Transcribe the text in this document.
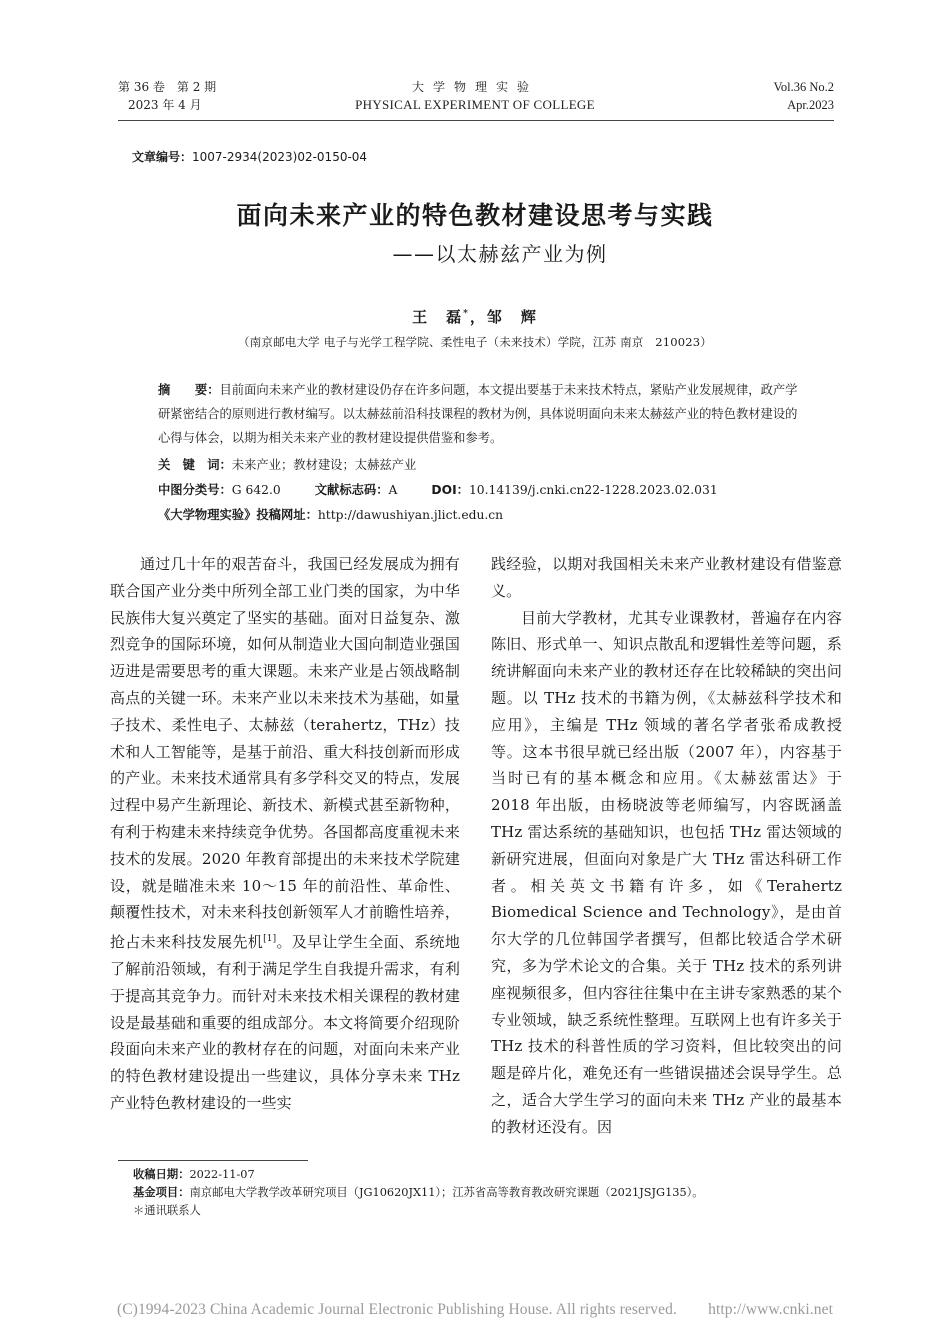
第 36 卷　第 2 期
2023 年 4 月
大学物理实验
PHYSICAL EXPERIMENT OF COLLEGE
Vol.36 No.2
Apr.2023
文章编号：1007-2934(2023)02-0150-04
面向未来产业的特色教材建设思考与实践
——以太赫兹产业为例
王　磊*，邹　辉
（南京邮电大学 电子与光学工程学院、柔性电子（未来技术）学院，江苏 南京　210023）
摘　　要：目前面向未来产业的教材建设仍存在许多问题，本文提出要基于未来技术特点，紧贴产业发展规律，政产学研紧密结合的原则进行教材编写。以太赫兹前沿科技课程的教材为例，具体说明面向未来太赫兹产业的特色教材建设的心得与体会，以期为相关未来产业的教材建设提供借鉴和参考。
关　键　词：未来产业；教材建设；太赫兹产业
中图分类号：G 642.0	文献标志码：A	DOI：10.14139/j.cnki.cn22-1228.2023.02.031
《大学物理实验》投稿网址：http://dawushiyan.jlict.edu.cn

通过几十年的艰苦奋斗，我国已经发展成为拥有联合国产业分类中所列全部工业门类的国家，为中华民族伟大复兴奠定了坚实的基础。面对日益复杂、激烈竞争的国际环境，如何从制造业大国向制造业强国迈进是需要思考的重大课题。未来产业是占领战略制高点的关键一环。未来产业以未来技术为基础，如量子技术、柔性电子、太赫兹（terahertz，THz）技术和人工智能等，是基于前沿、重大科技创新而形成的产业。未来技术通常具有多学科交叉的特点，发展过程中易产生新理论、新技术、新模式甚至新物种，有利于构建未来持续竞争优势。各国都高度重视未来技术的发展。2020 年教育部提出的未来技术学院建设，就是瞄准未来 10～15 年的前沿性、革命性、颠覆性技术，对未来科技创新领军人才前瞻性培养，抢占未来科技发展先机[1]。及早让学生全面、系统地了解前沿领域，有利于满足学生自我提升需求，有利于提高其竞争力。而针对未来技术相关课程的教材建设是最基础和重要的组成部分。本文将简要介绍现阶段面向未来产业的教材存在的问题，对面向未来产业的特色教材建设提出一些建议，具体分享未来 THz 产业特色教材建设的一些实

践经验，以期对我国相关未来产业教材建设有借鉴意义。

目前大学教材，尤其专业课教材，普遍存在内容陈旧、形式单一、知识点散乱和逻辑性差等问题，系统讲解面向未来产业的教材还存在比较稀缺的突出问题。以 THz 技术的书籍为例，《太赫兹科学技术和应用》，主编是 THz 领域的著名学者张希成教授等。这本书很早就已经出版（2007 年），内容基于当时已有的基本概念和应用。《太赫兹雷达》于 2018 年出版，由杨晓波等老师编写，内容既涵盖 THz 雷达系统的基础知识，也包括 THz 雷达领域的新研究进展，但面向对象是广大 THz 雷达科研工作者。相关英文书籍有许多，如《Terahertz Biomedical Science and Technology》，是由首尔大学的几位韩国学者撰写，但都比较适合学术研究，多为学术论文的合集。关于 THz 技术的系列讲座视频很多，但内容往往集中在主讲专家熟悉的某个专业领域，缺乏系统性整理。互联网上也有许多关于 THz 技术的科普性质的学习资料，但比较突出的问题是碎片化，难免还有一些错误描述会误导学生。总之，适合大学生学习的面向未来 THz 产业的最基本的教材还没有。因

收稿日期：2022-11-07
基金项目：南京邮电大学教学改革研究项目（JG10620JX11）；江苏省高等教育教改研究课题（2021JSJG135）。
＊通讯联系人
(C)1994-2023 China Academic Journal Electronic Publishing House. All rights reserved.　　http://www.cnki.net
